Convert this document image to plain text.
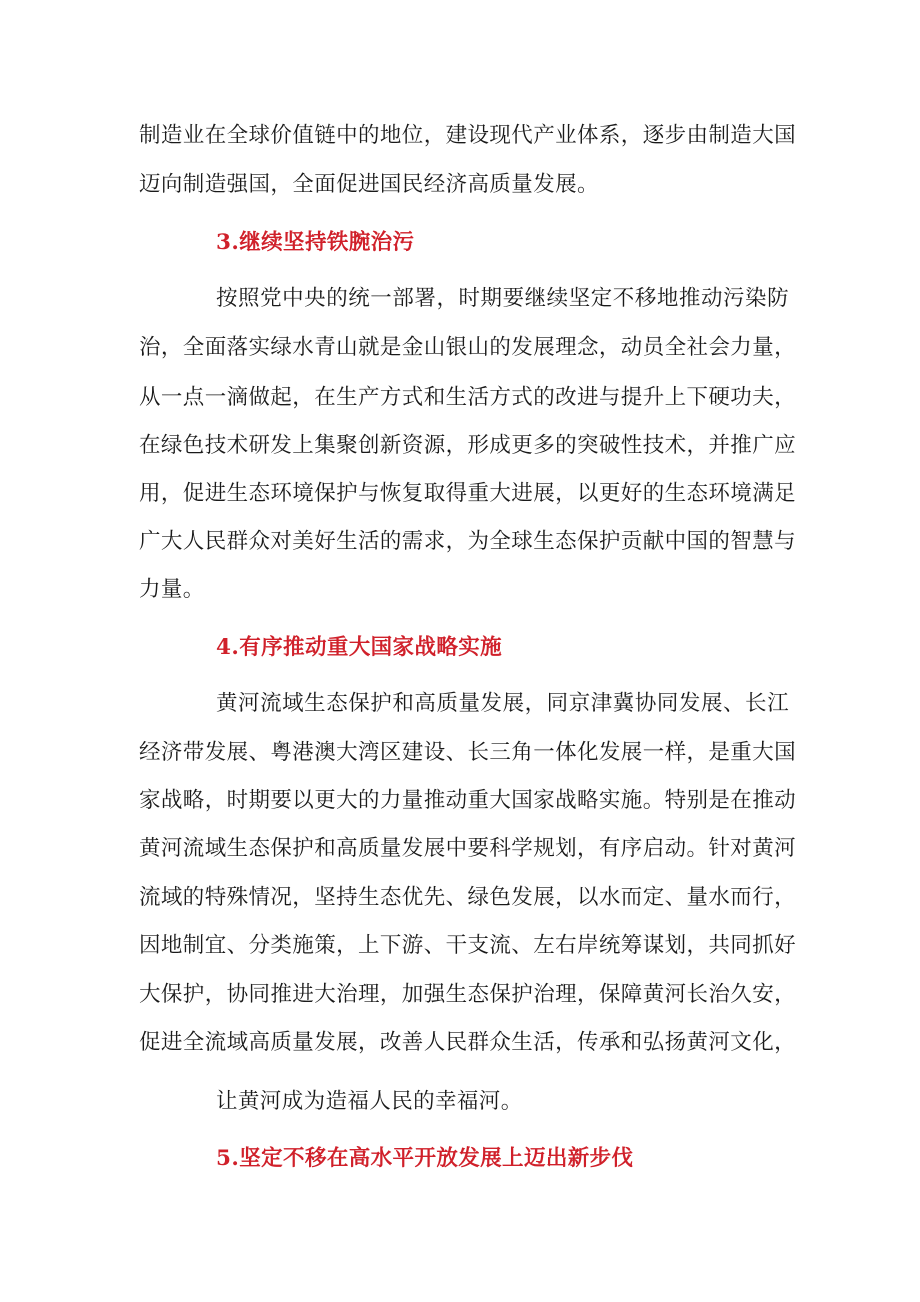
制造业在全球价值链中的地位，建设现代产业体系，逐步由制造大国
迈向制造强国，全面促进国民经济高质量发展。
3.继续坚持铁腕治污
按照党中央的统一部署，时期要继续坚定不移地推动污染防
治，全面落实绿水青山就是金山银山的发展理念，动员全社会力量，
从一点一滴做起，在生产方式和生活方式的改进与提升上下硬功夫，
在绿色技术研发上集聚创新资源，形成更多的突破性技术，并推广应
用，促进生态环境保护与恢复取得重大进展，以更好的生态环境满足
广大人民群众对美好生活的需求，为全球生态保护贡献中国的智慧与
力量。
4.有序推动重大国家战略实施
黄河流域生态保护和高质量发展，同京津冀协同发展、长江
经济带发展、粤港澳大湾区建设、长三角一体化发展一样，是重大国
家战略，时期要以更大的力量推动重大国家战略实施。特别是在推动
黄河流域生态保护和高质量发展中要科学规划，有序启动。针对黄河
流域的特殊情况，坚持生态优先、绿色发展，以水而定、量水而行，
因地制宜、分类施策，上下游、干支流、左右岸统筹谋划，共同抓好
大保护，协同推进大治理，加强生态保护治理，保障黄河长治久安，
促进全流域高质量发展，改善人民群众生活，传承和弘扬黄河文化，
让黄河成为造福人民的幸福河。
5.坚定不移在高水平开放发展上迈出新步伐
